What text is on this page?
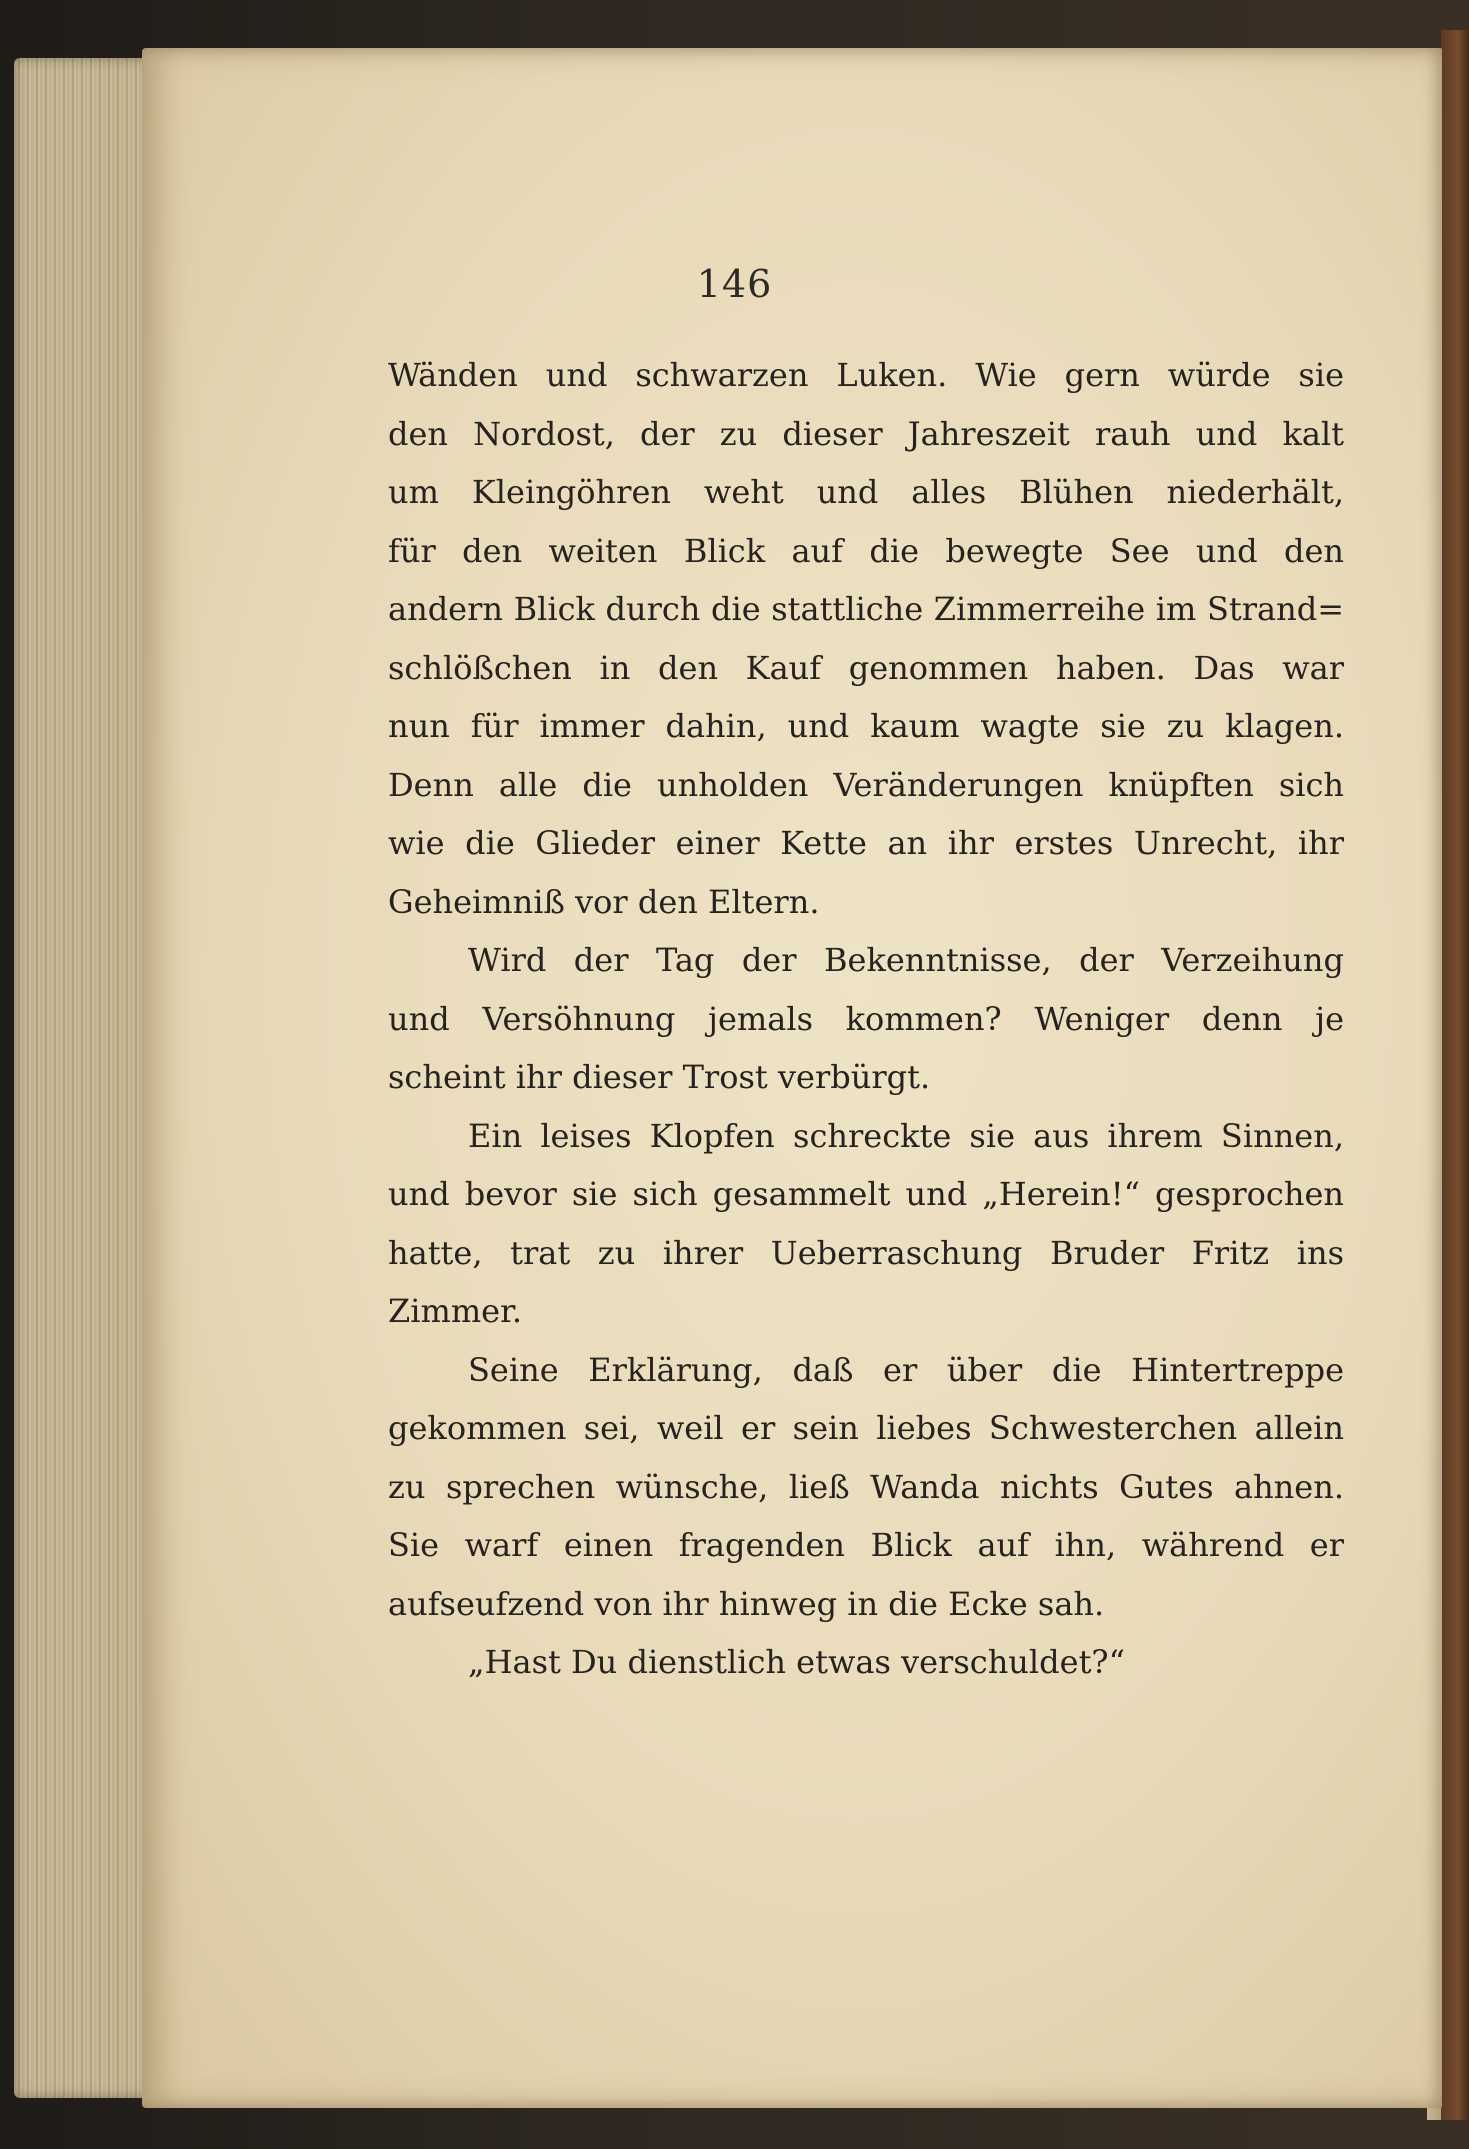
146
Wänden und schwarzen Luken. Wie gern würde sie
den Nordost, der zu dieser Jahreszeit rauh und kalt
um Kleingöhren weht und alles Blühen niederhält,
für den weiten Blick auf die bewegte See und den
andern Blick durch die stattliche Zimmerreihe im Strand=
schlößchen in den Kauf genommen haben. Das war
nun für immer dahin, und kaum wagte sie zu klagen.
Denn alle die unholden Veränderungen knüpften sich
wie die Glieder einer Kette an ihr erstes Unrecht, ihr
Geheimniß vor den Eltern.
Wird der Tag der Bekenntnisse, der Verzeihung
und Versöhnung jemals kommen? Weniger denn je
scheint ihr dieser Trost verbürgt.
Ein leises Klopfen schreckte sie aus ihrem Sinnen,
und bevor sie sich gesammelt und „Herein!“ gesprochen
hatte, trat zu ihrer Ueberraschung Bruder Fritz ins
Zimmer.
Seine Erklärung, daß er über die Hintertreppe
gekommen sei, weil er sein liebes Schwesterchen allein
zu sprechen wünsche, ließ Wanda nichts Gutes ahnen.
Sie warf einen fragenden Blick auf ihn, während er
aufseufzend von ihr hinweg in die Ecke sah.
„Hast Du dienstlich etwas verschuldet?“
